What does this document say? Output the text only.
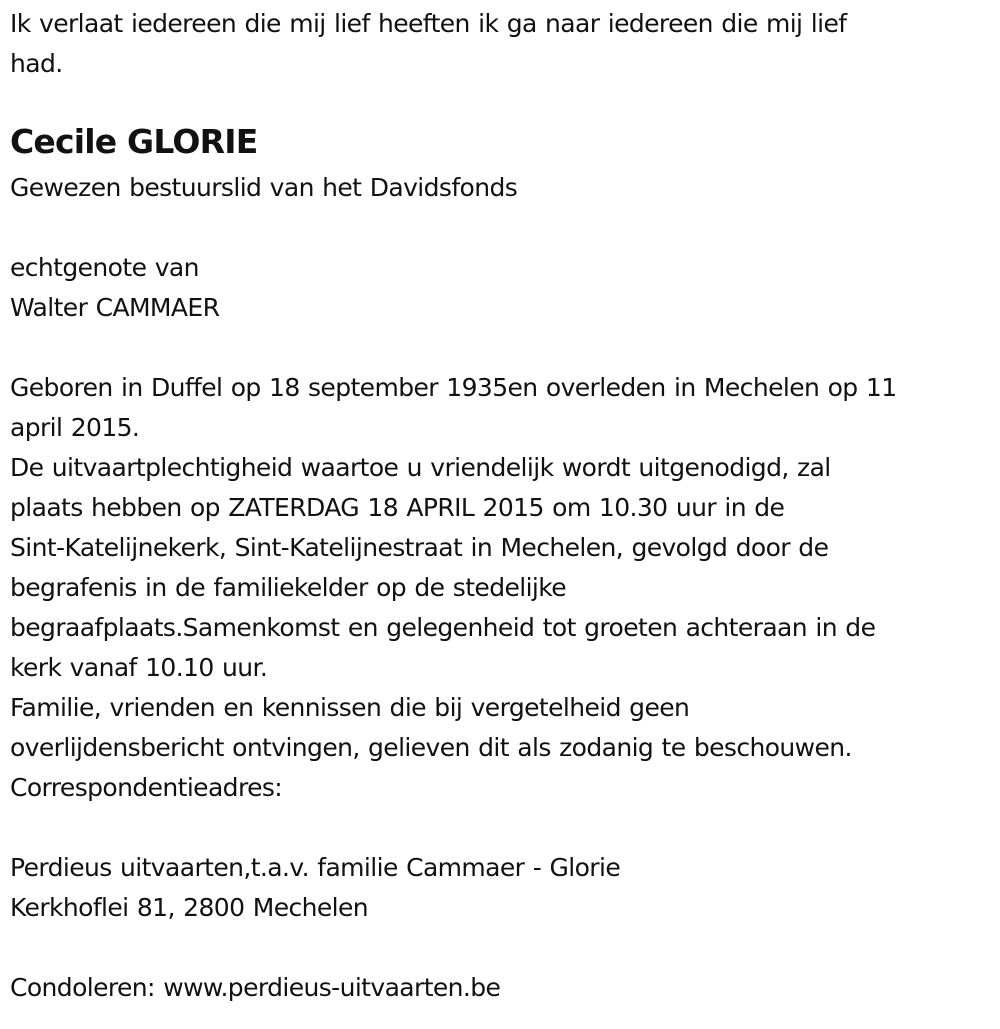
Ik verlaat iedereen die mij lief heeften ik ga naar iedereen die mij lief
had.
Cecile GLORIE
Gewezen bestuurslid van het Davidsfonds
echtgenote van
Walter CAMMAER
Geboren in Duffel op 18 september 1935en overleden in Mechelen op 11
april 2015.
De uitvaartplechtigheid waartoe u vriendelijk wordt uitgenodigd, zal
plaats hebben op ZATERDAG 18 APRIL 2015 om 10.30 uur in de
Sint-Katelijnekerk, Sint-Katelijnestraat in Mechelen, gevolgd door de
begrafenis in de familiekelder op de stedelijke
begraafplaats.Samenkomst en gelegenheid tot groeten achteraan in de
kerk vanaf 10.10 uur.
Familie, vrienden en kennissen die bij vergetelheid geen
overlijdensbericht ontvingen, gelieven dit als zodanig te beschouwen.
Correspondentieadres:
Perdieus uitvaarten,t.a.v. familie Cammaer - Glorie
Kerkhoflei 81, 2800 Mechelen
Condoleren: www.perdieus-uitvaarten.be
